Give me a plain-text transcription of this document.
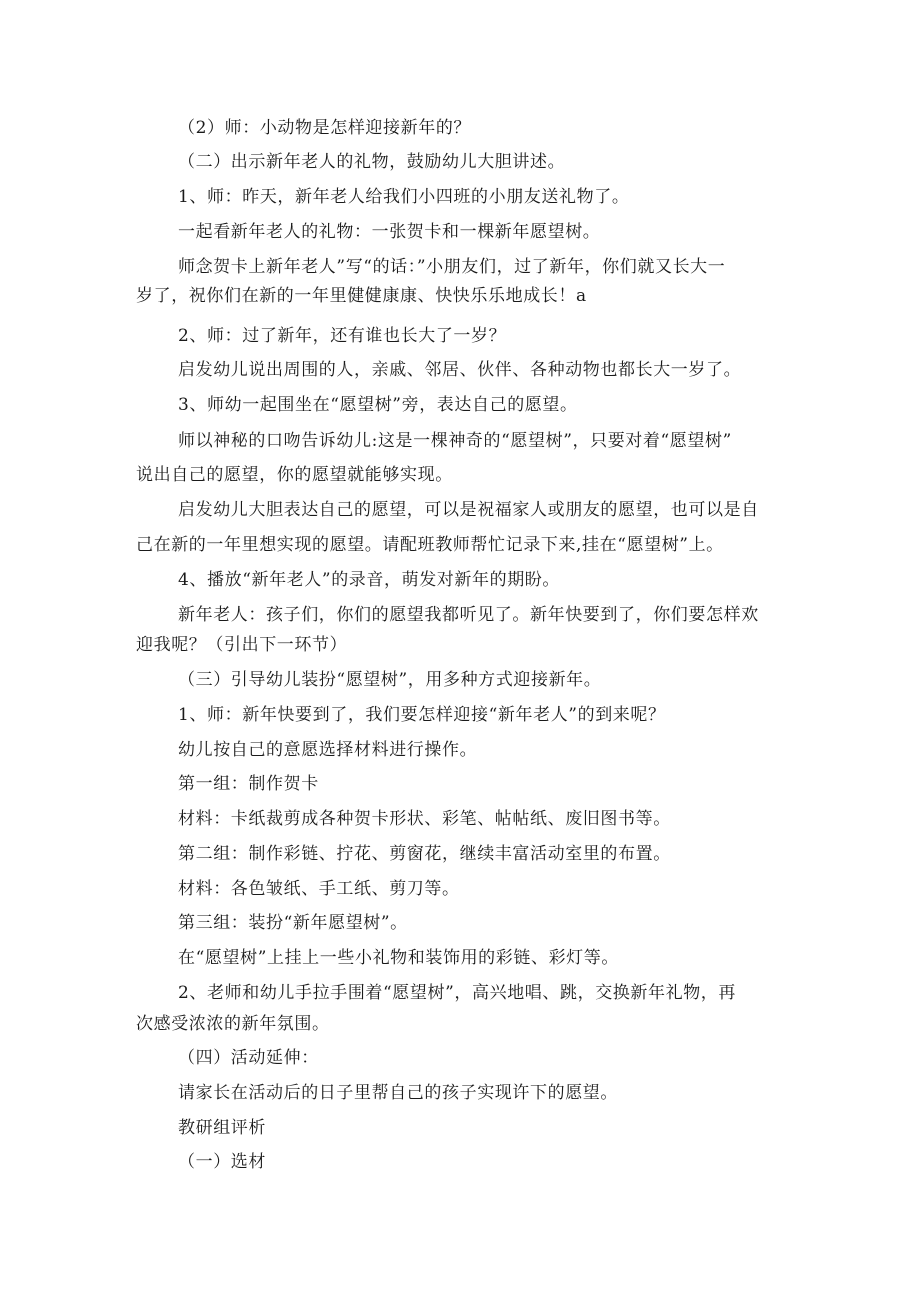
（2）师：小动物是怎样迎接新年的？
（二）出示新年老人的礼物，鼓励幼儿大胆讲述。
1、师：昨天，新年老人给我们小四班的小朋友送礼物了。
一起看新年老人的礼物：一张贺卡和一棵新年愿望树。
师念贺卡上新年老人”写“的话：”小朋友们，过了新年，你们就又长大一
岁了，祝你们在新的一年里健健康康、快快乐乐地成长！a
2、师：过了新年，还有谁也长大了一岁？
启发幼儿说出周围的人，亲戚、邻居、伙伴、各种动物也都长大一岁了。
3、师幼一起围坐在“愿望树”旁，表达自己的愿望。
师以神秘的口吻告诉幼儿:这是一棵神奇的“愿望树”，只要对着“愿望树”
说出自己的愿望，你的愿望就能够实现。
启发幼儿大胆表达自己的愿望，可以是祝福家人或朋友的愿望，也可以是自
己在新的一年里想实现的愿望。请配班教师帮忙记录下来,挂在“愿望树”上。
4、播放“新年老人”的录音，萌发对新年的期盼。
新年老人：孩子们，你们的愿望我都听见了。新年快要到了，你们要怎样欢
迎我呢？（引出下一环节）
（三）引导幼儿装扮“愿望树”，用多种方式迎接新年。
1、师：新年快要到了，我们要怎样迎接“新年老人”的到来呢？
幼儿按自己的意愿选择材料进行操作。
第一组：制作贺卡
材料：卡纸裁剪成各种贺卡形状、彩笔、帖帖纸、废旧图书等。
第二组：制作彩链、拧花、剪窗花，继续丰富活动室里的布置。
材料：各色皱纸、手工纸、剪刀等。
第三组：装扮“新年愿望树”。
在“愿望树”上挂上一些小礼物和装饰用的彩链、彩灯等。
2、老师和幼儿手拉手围着“愿望树”，高兴地唱、跳，交换新年礼物，再
次感受浓浓的新年氛围。
（四）活动延伸：
请家长在活动后的日子里帮自己的孩子实现许下的愿望。
教研组评析
（一）选材
